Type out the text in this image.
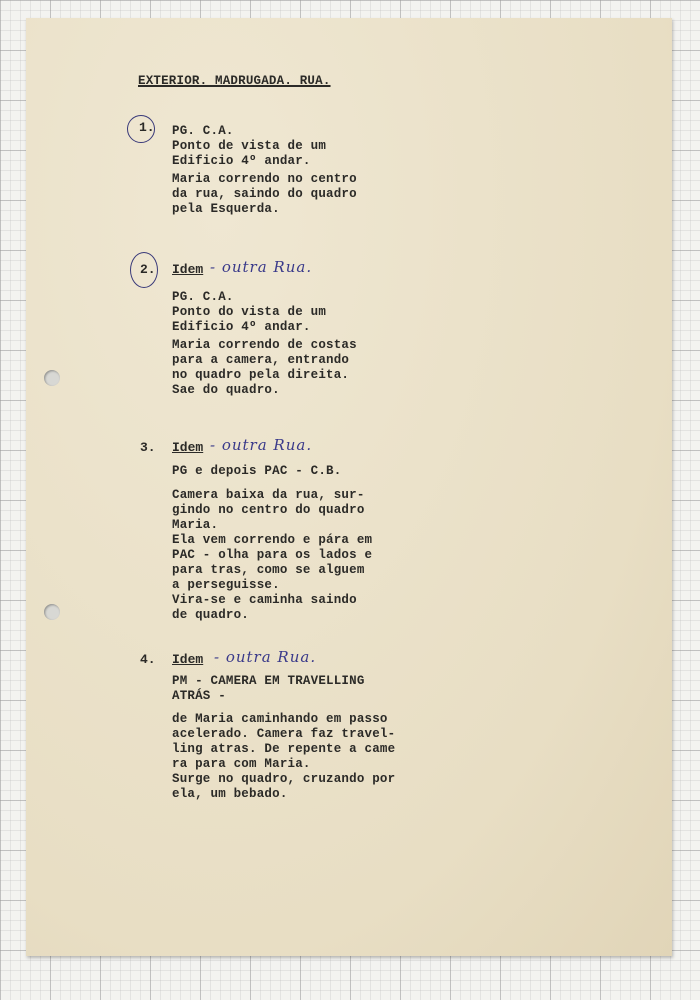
EXTERIOR. MADRUGADA. RUA.
1. PG. C.A.
Ponto de vista de um
Edificio 4º andar.
Maria correndo no centro
da rua, saindo do quadro
pela Esquerda.
2. Idem - outra Rua.
PG. C.A.
Ponto do vista de um
Edificio 4º andar.
Maria correndo de costas
para a camera, entrando
no quadro pela direita.
Sae do quadro.
3. Idem - outra Rua.
PG e depois PAC - C.B.
Camera baixa da rua, sur-
gindo no centro do quadro
Maria.
Ela vem correndo e pára em
PAC - olha para os lados e
para tras, como se alguem
a perseguisse.
Vira-se e caminha saindo
de quadro.
4. Idem - outra Rua.
PM - CAMERA EM TRAVELLING
ATRÁS -
de Maria caminhando em passo
acelerado. Camera faz travel-
ling atras. De repente a came
ra para com Maria.
Surge no quadro, cruzando por
ela, um bebado.
